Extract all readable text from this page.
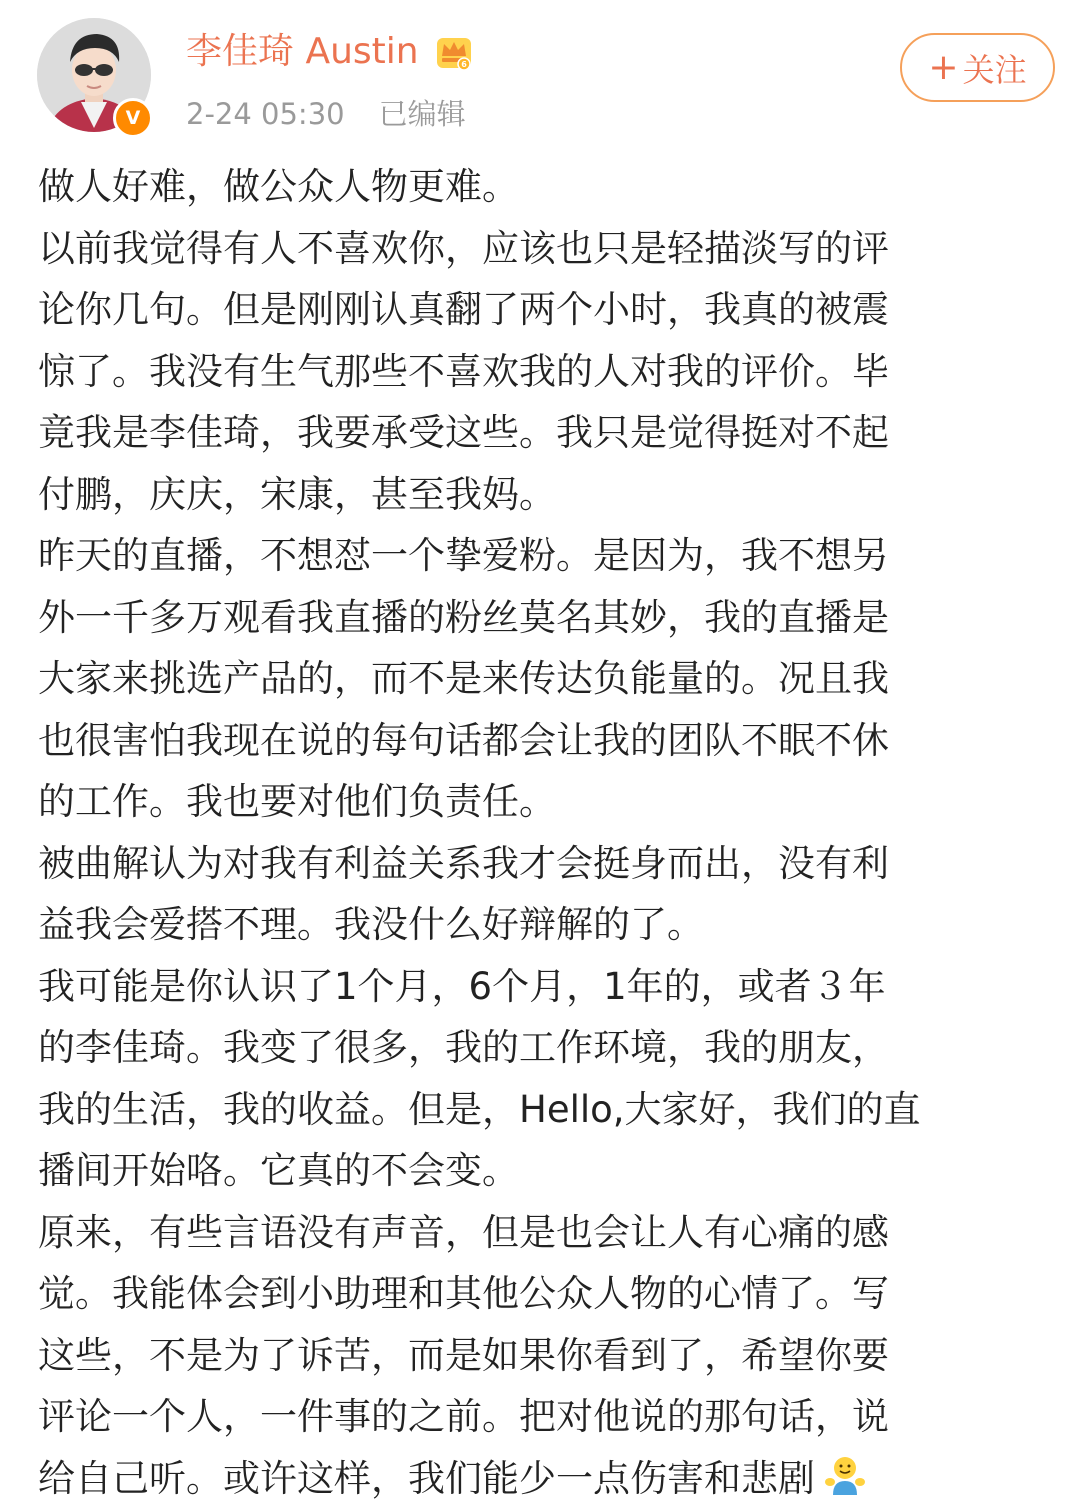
V
李佳琦 Austin	6
2-24 05:30 已编辑
+ 关注
做人好难，做公众人物更难。
以前我觉得有人不喜欢你，应该也只是轻描淡写的评
论你几句。但是刚刚认真翻了两个小时，我真的被震
惊了。我没有生气那些不喜欢我的人对我的评价。毕
竟我是李佳琦，我要承受这些。我只是觉得挺对不起
付鹏，庆庆，宋康，甚至我妈。
昨天的直播，不想怼一个挚爱粉。是因为，我不想另
外一千多万观看我直播的粉丝莫名其妙，我的直播是
大家来挑选产品的，而不是来传达负能量的。况且我
也很害怕我现在说的每句话都会让我的团队不眠不休
的工作。我也要对他们负责任。
被曲解认为对我有利益关系我才会挺身而出，没有利
益我会爱搭不理。我没什么好辩解的了。
我可能是你认识了1个月，6个月，1年的，或者３年
的李佳琦。我变了很多，我的工作环境，我的朋友，
我的生活，我的收益。但是，Hello,大家好，我们的直
播间开始咯。它真的不会变。
原来，有些言语没有声音，但是也会让人有心痛的感
觉。我能体会到小助理和其他公众人物的心情了。写
这些，不是为了诉苦，而是如果你看到了，希望你要
评论一个人，一件事的之前。把对他说的那句话，说
给自己听。或许这样，我们能少一点伤害和悲剧
